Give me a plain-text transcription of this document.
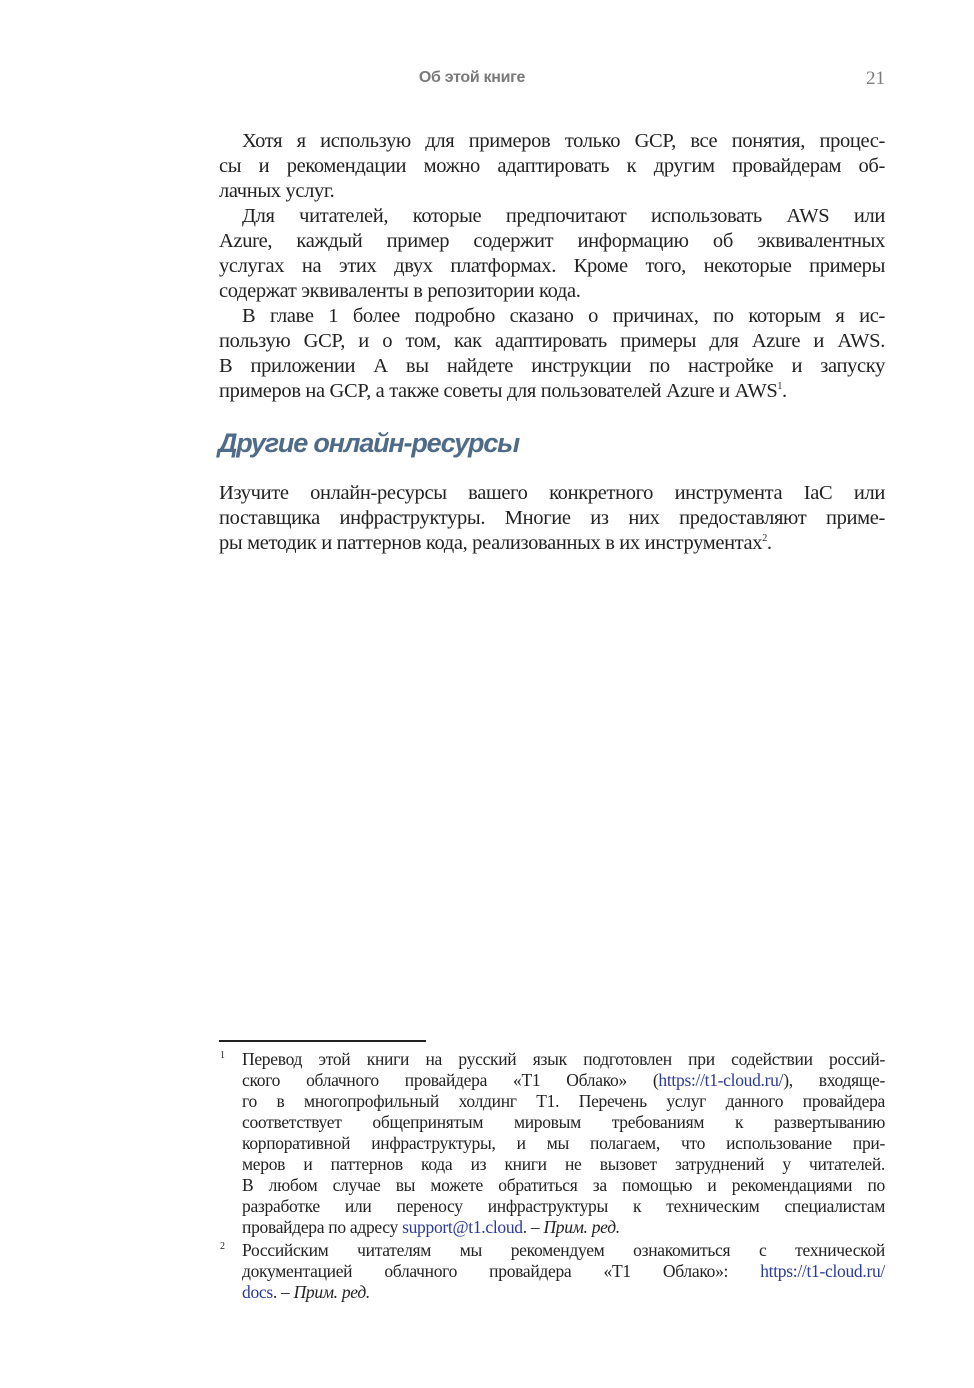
Об этой книге	21
Хотя я использую для примеров только GCP, все понятия, процес-
сы и рекомендации можно адаптировать к другим провайдерам об-
лачных услуг.
Для читателей, которые предпочитают использовать AWS или
Azure, каждый пример содержит информацию об эквивалентных
услугах на этих двух платформах. Кроме того, некоторые примеры
содержат эквиваленты в репозитории кода.
В главе 1 более подробно сказано о причинах, по которым я ис-
пользую GCP, и о том, как адаптировать примеры для Azure и AWS.
В приложении А вы найдете инструкции по настройке и запуску
примеров на GCP, а также советы для пользователей Azure и AWS$^1$.
Другие онлайн-ресурсы
Изучите онлайн-ресурсы вашего конкретного инструмента IaC или
поставщика инфраструктуры. Многие из них предоставляют приме-
ры методик и паттернов кода, реализованных в их инструментах$^2$.
1 Перевод этой книги на русский язык подготовлен при содействии россий-
ского облачного провайдера «Т1 Облако» (https://t1-cloud.ru/), входяще-
го в многопрофильный холдинг Т1. Перечень услуг данного провайдера
соответствует общепринятым мировым требованиям к развертыванию
корпоративной инфраструктуры, и мы полагаем, что использование при-
меров и паттернов кода из книги не вызовет затруднений у читателей.
В любом случае вы можете обратиться за помощью и рекомендациями по
разработке или переносу инфраструктуры к техническим специалистам
провайдера по адресу support@t1.cloud. – Прим. ред.
2 Российским читателям мы рекомендуем ознакомиться с технической
документацией облачного провайдера «Т1 Облако»: https://t1-cloud.ru/
docs. – Прим. ред.
